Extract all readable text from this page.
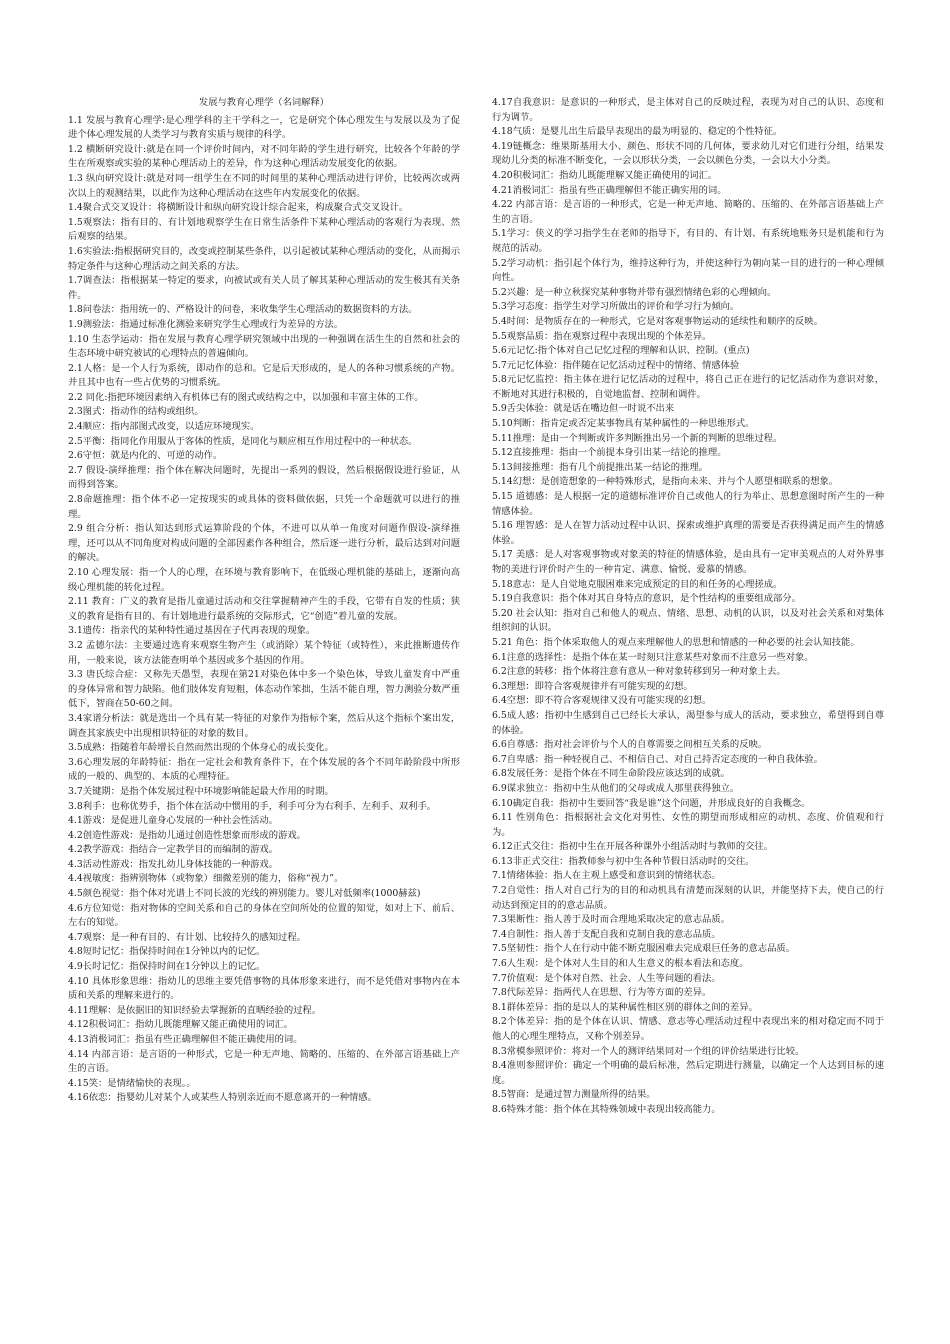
发展与教育心理学（名词解释）

1.1 发展与教育心理学:是心理学科的主干学科之一，它是研究个体心理发生与发展以及为了促进个体心理发展的人类学习与教育实质与规律的科学。

1.2 横断研究设计:就是在同一个评价时间内，对不同年龄的学生进行研究，比较各个年龄的学生在所观察或实验的某种心理活动上的差异，作为这种心理活动发展变化的依据。

1.3 纵向研究设计:就是对同一组学生在不同的时间里的某种心理活动进行评价，比较两次或两次以上的观测结果，以此作为这种心理活动在这些年内发展变化的依据。

1.4聚合式交叉设计：将横断设计和纵向研究设计综合起来，构成聚合式交叉设计。

1.5观察法：指有目的、有计划地观察学生在日常生活条件下某种心理活动的客观行为表现、然后观察的结果。

1.6实验法:指根据研究目的，改变或控制某些条件，以引起被试某种心理活动的变化，从而揭示特定条件与这种心理活动之间关系的方法。

1.7调查法：指根据某一特定的要求，向被试或有关人员了解其某种心理活动的发生极其有关条件。

1.8问卷法：指用统一的、严格设计的问卷，来收集学生心理活动的数据资料的方法。

1.9测验法：指通过标准化测验来研究学生心理或行为差异的方法。

1.10 生态学运动：指在发展与教育心理学研究领域中出现的一种强调在活生生的自然和社会的生态环境中研究被试的心理特点的普遍倾向。

2.1人格：是一个人行为系统，即动作的总和。它是后天形成的，是人的各种习惯系统的产物。并且其中也有一些占优势的习惯系统。

2.2 同化:指把环境因素纳入有机体已有的图式或结构之中，以加强和丰富主体的工作。

2.3图式：指动作的结构或组织。

2.4顺应：指内部图式改变，以适应环境现实。

2.5平衡：指同化作用服从于客体的性质，是同化与顺应相互作用过程中的一种状态。

2.6守恒：就是内化的、可逆的动作。

2.7 假设-演绎推理：指个体在解决问题时，先提出一系列的假设，然后根据假设进行验证，从而得到答案。

2.8命题推理：指个体不必一定按现实的或具体的资料做依据，只凭一个命题就可以进行的推理。

2.9 组合分析：指认知达到形式运算阶段的个体，不进可以从单一角度对问题作假设-演绎推理，还可以从不同角度对构成问题的全部因素作各种组合，然后逐一进行分析，最后达到对问题的解决。

2.10 心理发展：指一个人的心理，在环境与教育影响下，在低级心理机能的基础上，逐渐向高级心理机能的转化过程。

2.11 教育：广义的教育是指儿童通过活动和交往掌握精神产生的手段，它带有自发的性质；狭义的教育是指有目的、有计划地进行最系统的交际形式，它“创造”着儿童的发展。

3.1遗传：指亲代的某种特性通过基因在子代再表现的现象。

3.2 孟德尔法：主要通过选育来观察生物产生（或消除）某个特征（或特性），来此推断遗传作用，一般来说，该方法能查明单个基因或多个基因的作用。

3.3 唐氏综合症：又称先天愚型，表现在第21对染色体中多一个染色体，导致儿童发育中严重的身体异常和智力缺陷。他们肢体发育短粗，体态动作笨拙，生活不能自理，智力测验分数严重低下，智商在50-60之间。

3.4家谱分析法：就是选出一个具有某一特征的对象作为指标个案，然后从这个指标个案出发，调查其家族史中出现相识特征的对象的数目。

3.5成熟：指随着年龄增长自然而然出现的个体身心的成长变化。

3.6心理发展的年龄特征：指在一定社会和教育条件下，在个体发展的各个不同年龄阶段中所形成的一般的、典型的、本质的心理特征。

3.7关键期：是指个体发展过程中环境影响能起最大作用的时期。

3.8利手：也称优势手，指个体在活动中惯用的手，利手可分为右利手、左利手、双利手。

4.1游戏：是促进儿童身心发展的一种社会性活动。

4.2创造性游戏：是指幼儿通过创造性想象而形成的游戏。

4.2教学游戏：指结合一定教学目的而编制的游戏。

4.3活动性游戏：指发扎幼儿身体技能的一种游戏。

4.4视敏度：指辨别物体（或物象）细微差别的能力，俗称“视力”。

4.5颜色视觉：指个体对光谱上不同长波的光线的辨别能力。婴儿对低频率(1000赫兹)

4.6方位知觉：指对物体的空间关系和自己的身体在空间所处的位置的知觉，如对上下、前后、左右的知觉。

4.7观察：是一种有目的、有计划、比较持久的感知过程。

4.8短时记忆：指保持时间在1分钟以内的记忆。

4.9长时记忆：指保持时间在1分钟以上的记忆。

4.10 具体形象思维：指幼儿的思维主要凭借事物的具体形象来进行，而不是凭借对事物内在本质和关系的理解来进行的。

4.11理解：是依据旧的知识经验去掌握新的直晒经验的过程。

4.12积极词汇：指幼儿既能理解又能正确使用的词汇。

4.13消极词汇：指虽有些正确理解但不能正确使用的词。

4.14 内部言语：是言语的一种形式，它是一种无声地、简略的、压缩的、在外部言语基础上产生的言语。

4.15笑：是情绪愉快的表现。。

4.16依恋：指婴幼儿对某个人或某些人特别亲近而不愿意离开的一种情感。

4.17自我意识：是意识的一种形式，是主体对自己的反映过程，表现为对自己的认识、态度和行为调节。

4.18气质：是婴儿出生后最早表现出的最为明显的、稳定的个性特征。

4.19链概念：维果斯基用大小、颜色、形状不同的几何体，要求幼儿对它们进行分组，结果发现幼儿分类的标准不断变化，一会以形状分类，一会以颜色分类，一会以大小分类。

4.20积极词汇：指幼儿既能理解又能正确使用的词汇。

4.21消极词汇：指虽有些正确理解但不能正确实用的词。

4.22 内部言语：是言语的一种形式，它是一种无声地、简略的、压缩的、在外部言语基础上产生的言语。

5.1学习：侠义的学习指学生在老师的指导下，有目的、有计划、有系统地账务只是机能和行为规范的活动。

5.2学习动机：指引起个体行为，维持这种行为，并使这种行为朝向某一目的进行的一种心理倾向性。

5.2兴趣：是一种立秋探究某种事物并带有强烈情绪色彩的心理倾向。

5.3学习态度：指学生对学习所做出的评价和学习行为倾向。

5.4时间：是物质存在的一种形式，它是对客观事物运动的延续性和顺序的反映。

5.5观察品质：指在观察过程中表现出现的个体差异。

5.6元记忆:指个体对自己记忆过程的理解和认识、控制。(重点)

5.7元记忆体验：指伴随在记忆活动过程中的情绪、情感体验

5.8元记忆监控：指主体在进行记忆活动的过程中，将自己正在进行的记忆活动作为意识对象，不断地对其进行积极的，自觉地监督、控制和调件。

5.9舌尖体验：就是话在嘴边但一时说不出来

5.10判断：指肯定或否定某事物具有某种属性的一种思维形式。

5.11推理：是由一个判断或许多判断推出另一个新的判断的思维过程。

5.12直接推理：指由一个前提本身引出某一结论的推理。

5.13间接推理：指有几个前提推出某一结论的推理。

5.14幻想：是创造想象的一种特殊形式，是指向未来、并与个人愿望相联系的想象。

5.15 道德感：是人根据一定的道德标准评价自己或他人的行为举止、思想意图时所产生的一种情感体验。

5.16 理智感：是人在智力活动过程中认识、探索或维护真理的需要是否获得满足而产生的情感体验。

5.17 美感：是人对客观事物或对象美的特征的情感体验，是由具有一定审美观点的人对外界事物的美进行评价时产生的一种肯定、满意、愉悦、爱慕的情感。

5.18意志：是人自觉地克服困难来完成预定的目的和任务的心理搓成。

5.19自我意识：指个体对其自身特点的意识，是个性结构的重要组成部分。

5.20 社会认知：指对自己和他人的观点、情绪、思想、动机的认识，以及对社会关系和对集体组织间的认识。

5.21 角色：指个体采取他人的观点来理解他人的思想和情感的一种必要的社会认知技能。

6.1注意的选择性：是指个体在某一时刻只注意某些对象而不注意另一些对象。

6.2注意的转移：指个体将注意有意从一种对象转移到另一种对象上去。

6.3理想：即符合客观规律并有可能实现的幻想。

6.4空想：即不符合客观规律又没有可能实现的幻想。

6.5成人感：指初中生感到自己已经长大承认，渴望参与成人的活动，要求独立，希望得到自尊的体验。

6.6自尊感：指对社会评价与个人的自尊需要之间相互关系的反映。

6.7自卑感：指一种轻视自己、不相信自己、对自己持否定态度的一种自我体验。

6.8发展任务：是指个体在不同生命阶段应该达到的成就。

6.9谋求独立：指初中生从他们的父母或成人那里获得独立。

6.10确定自我：指初中生要回答“我是谁”这个问题，并形成良好的自我概念。

6.11 性别角色：指根据社会文化对男性、女性的期望而形成相应的动机、态度、价值观和行为。

6.12正式交往：指初中生在开展各种课外小组活动时与教师的交往。

6.13非正式交往：指教师参与初中生各种节假日活动时的交往。

7.1情绪体验：指人在主观上感受和意识到的情绪状态。

7.2自觉性：指人对自己行为的目的和动机具有清楚而深刻的认识，并能坚持下去，使自己的行动达到预定目的的意志品质。

7.3果断性：指人善于及时而合理地采取决定的意志品质。

7.4自制性：指人善于支配自我和克制自我的意志品质。

7.5坚韧性：指个人在行动中能不断克服困难去完成艰巨任务的意志品质。

7.6人生观：是个体对人生目的和人生意义的根本看法和态度。

7.7价值观：是个体对自然、社会、人生等问题的看法。

7.8代际差异：指两代人在思想、行为等方面的差异。

8.1群体差异：指的是以人的某种属性相区别的群体之间的差异。

8.2个体差异：指的是个体在认识、情感、意志等心理活动过程中表现出来的相对稳定而不同于他人的心理生理特点，又称个别差异。

8.3常模参照评价：将对一个人的测评结果同对一个组的评价结果进行比较。

8.4准则参照评价：确定一个明确的最后标准，然后定期进行测量，以确定一个人达到目标的速度。

8.5智商：是通过智力测量所得的结果。

8.6特殊才能：指个体在其特殊领域中表现出较高能力。
